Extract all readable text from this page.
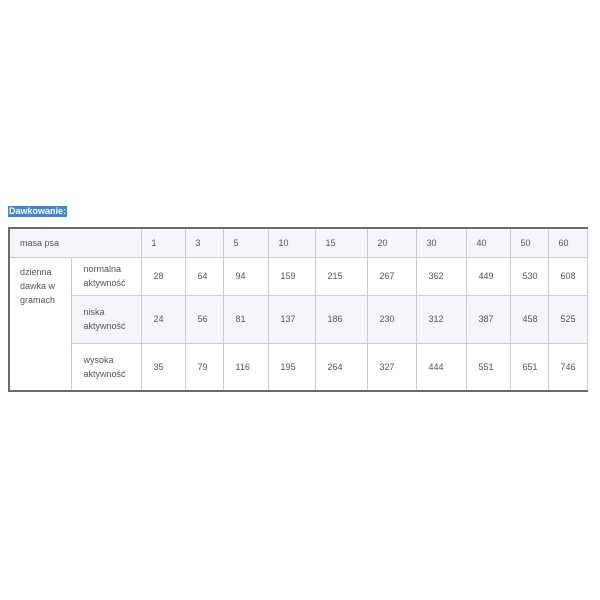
Dawkowanie:
masa psa		1	3	5	10	15	20	30	40	50	60
dzienna dawka w gramach	normalna aktywność	28	64	94	159	215	267	362	449	530	608
	niska aktywność	24	56	81	137	186	230	312	387	458	525
	wysoka aktywność	35	79	116	195	264	327	444	551	651	746
